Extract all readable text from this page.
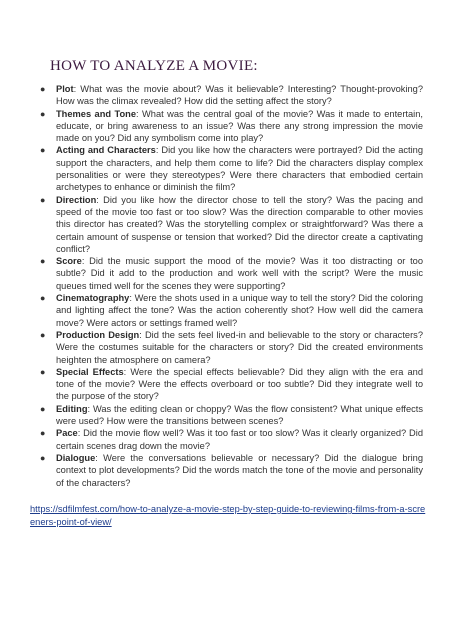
HOW TO ANALYZE A MOVIE:
● Plot: What was the movie about? Was it believable? Interesting? Thought-provoking? How was the climax revealed? How did the setting affect the story?
● Themes and Tone: What was the central goal of the movie? Was it made to entertain, educate, or bring awareness to an issue? Was there any strong impression the movie made on you? Did any symbolism come into play?
● Acting and Characters: Did you like how the characters were portrayed? Did the acting support the characters, and help them come to life? Did the characters display complex personalities or were they stereotypes? Were there characters that embodied certain archetypes to enhance or diminish the film?
● Direction: Did you like how the director chose to tell the story? Was the pacing and speed of the movie too fast or too slow? Was the direction comparable to other movies this director has created? Was the storytelling complex or straightforward? Was there a certain amount of suspense or tension that worked? Did the director create a captivating conflict?
● Score: Did the music support the mood of the movie? Was it too distracting or too subtle? Did it add to the production and work well with the script? Were the music queues timed well for the scenes they were supporting?
● Cinematography: Were the shots used in a unique way to tell the story? Did the coloring and lighting affect the tone? Was the action coherently shot? How well did the camera move? Were actors or settings framed well?
● Production Design: Did the sets feel lived-in and believable to the story or characters? Were the costumes suitable for the characters or story? Did the created environments heighten the atmosphere on camera?
● Special Effects: Were the special effects believable? Did they align with the era and tone of the movie? Were the effects overboard or too subtle? Did they integrate well to the purpose of the story?
● Editing: Was the editing clean or choppy? Was the flow consistent? What unique effects were used? How were the transitions between scenes?
● Pace: Did the movie flow well? Was it too fast or too slow? Was it clearly organized? Did certain scenes drag down the movie?
● Dialogue: Were the conversations believable or necessary? Did the dialogue bring context to plot developments? Did the words match the tone of the movie and personality of the characters?
https://sdfilmfest.com/how-to-analyze-a-movie-step-by-step-guide-to-reviewing-films-from-a-screeners-point-of-view/
